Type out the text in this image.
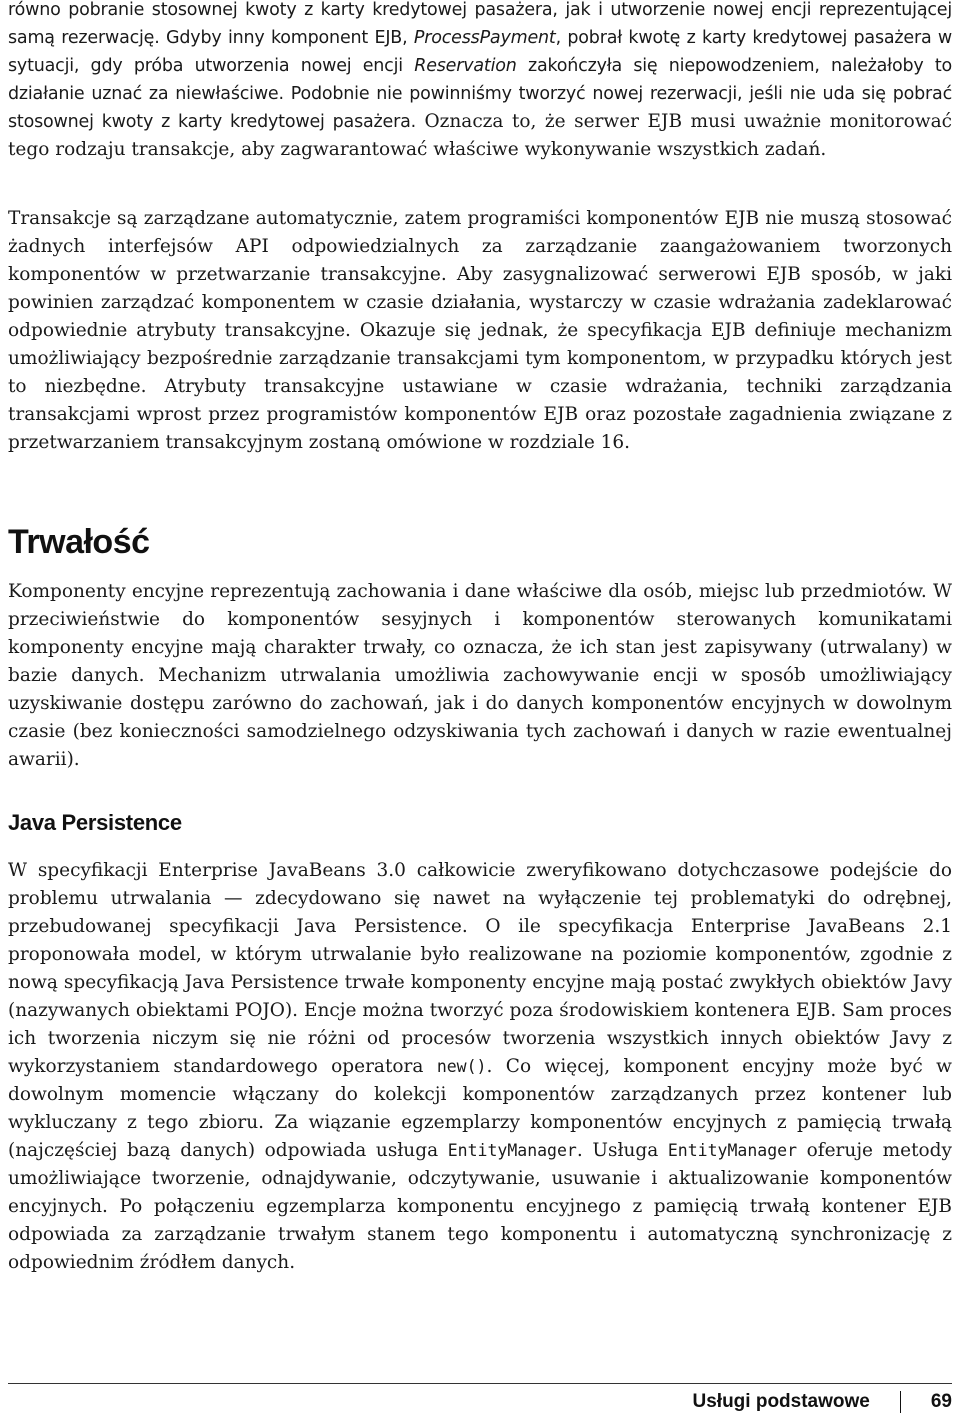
równo pobranie stosownej kwoty z karty kredytowej pasażera, jak i utworzenie nowej encji reprezentującej samą rezerwację. Gdyby inny komponent EJB, ProcessPayment, pobrał kwotę z karty kredytowej pasażera w sytuacji, gdy próba utworzenia nowej encji Reservation zakończyła się niepowodzeniem, należałoby to działanie uznać za niewłaściwe. Podobnie nie powinniśmy tworzyć nowej rezerwacji, jeśli nie uda się pobrać stosownej kwoty z karty kredytowej pasażera. Oznacza to, że serwer EJB musi uważnie monitorować tego rodzaju transakcje, aby zagwarantować właściwe wykonywanie wszystkich zadań.

Transakcje są zarządzane automatycznie, zatem programiści komponentów EJB nie muszą stosować żadnych interfejsów API odpowiedzialnych za zarządzanie zaangażowaniem tworzonych komponentów w przetwarzanie transakcyjne. Aby zasygnalizować serwerowi EJB sposób, w jaki powinien zarządzać komponentem w czasie działania, wystarczy w czasie wdrażania zadeklarować odpowiednie atrybuty transakcyjne. Okazuje się jednak, że specyfikacja EJB definiuje mechanizm umożliwiający bezpośrednie zarządzanie transakcjami tym komponentom, w przypadku których jest to niezbędne. Atrybuty transakcyjne ustawiane w czasie wdrażania, techniki zarządzania transakcjami wprost przez programistów komponentów EJB oraz pozostałe zagadnienia związane z przetwarzaniem transakcyjnym zostaną omówione w rozdziale 16.

Trwałość

Komponenty encyjne reprezentują zachowania i dane właściwe dla osób, miejsc lub przedmiotów. W przeciwieństwie do komponentów sesyjnych i komponentów sterowanych komunikatami komponenty encyjne mają charakter trwały, co oznacza, że ich stan jest zapisywany (utrwalany) w bazie danych. Mechanizm utrwalania umożliwia zachowywanie encji w sposób umożliwiający uzyskiwanie dostępu zarówno do zachowań, jak i do danych komponentów encyjnych w dowolnym czasie (bez konieczności samodzielnego odzyskiwania tych zachowań i danych w razie ewentualnej awarii).

Java Persistence

W specyfikacji Enterprise JavaBeans 3.0 całkowicie zweryfikowano dotychczasowe podejście do problemu utrwalania — zdecydowano się nawet na wyłączenie tej problematyki do odrębnej, przebudowanej specyfikacji Java Persistence. O ile specyfikacja Enterprise JavaBeans 2.1 proponowała model, w którym utrwalanie było realizowane na poziomie komponentów, zgodnie z nową specyfikacją Java Persistence trwałe komponenty encyjne mają postać zwykłych obiektów Javy (nazywanych obiektami POJO). Encje można tworzyć poza środowiskiem kontenera EJB. Sam proces ich tworzenia niczym się nie różni od procesów tworzenia wszystkich innych obiektów Javy z wykorzystaniem standardowego operatora new(). Co więcej, komponent encyjny może być w dowolnym momencie włączany do kolekcji komponentów zarządzanych przez kontener lub wykluczany z tego zbioru. Za wiązanie egzemplarzy komponentów encyjnych z pamięcią trwałą (najczęściej bazą danych) odpowiada usługa EntityManager. Usługa EntityManager oferuje metody umożliwiające tworzenie, odnajdywanie, odczytywanie, usuwanie i aktualizowanie komponentów encyjnych. Po połączeniu egzemplarza komponentu encyjnego z pamięcią trwałą kontener EJB odpowiada za zarządzanie trwałym stanem tego komponentu i automatyczną synchronizację z odpowiednim źródłem danych.

Usługi podstawowe	69
